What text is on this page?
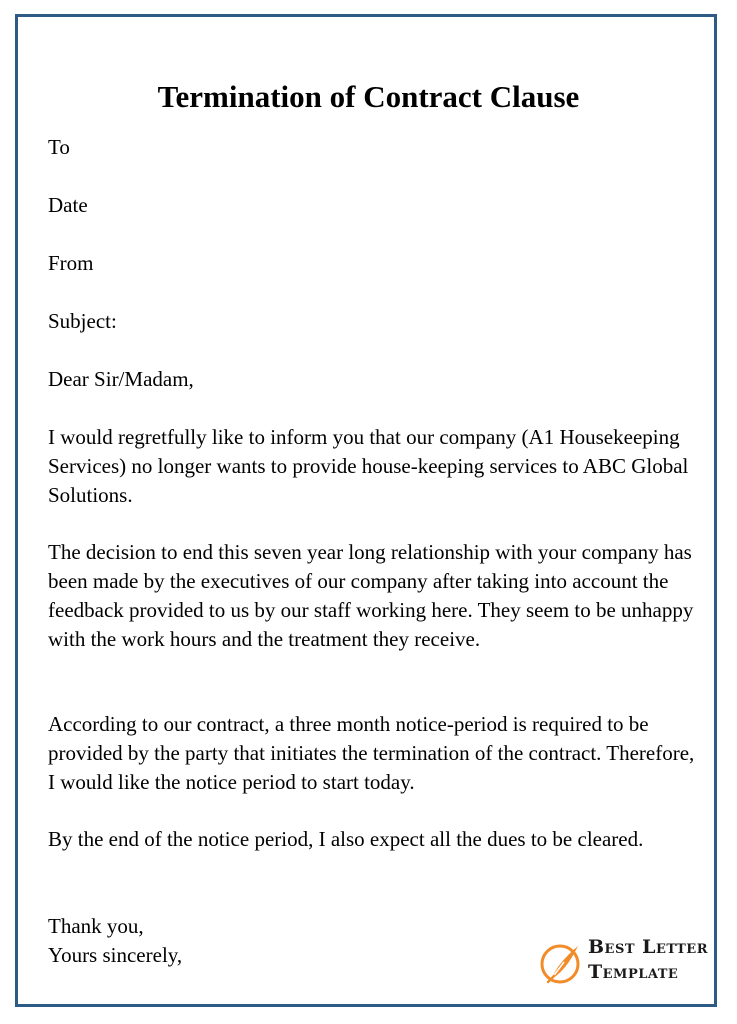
Termination of Contract Clause

To

Date

From

Subject:

Dear Sir/Madam,

I would regretfully like to inform you that our company (A1 Housekeeping Services) no longer wants to provide house-keeping services to ABC Global Solutions.

The decision to end this seven year long relationship with your company has been made by the executives of our company after taking into account the feedback provided to us by our staff working here. They seem to be unhappy with the work hours and the treatment they receive.

According to our contract, a three month notice-period is required to be provided by the party that initiates the termination of the contract. Therefore, I would like the notice period to start today.

By the end of the notice period, I also expect all the dues to be cleared.

Thank you,

Yours sincerely,	Best Letter
Template
